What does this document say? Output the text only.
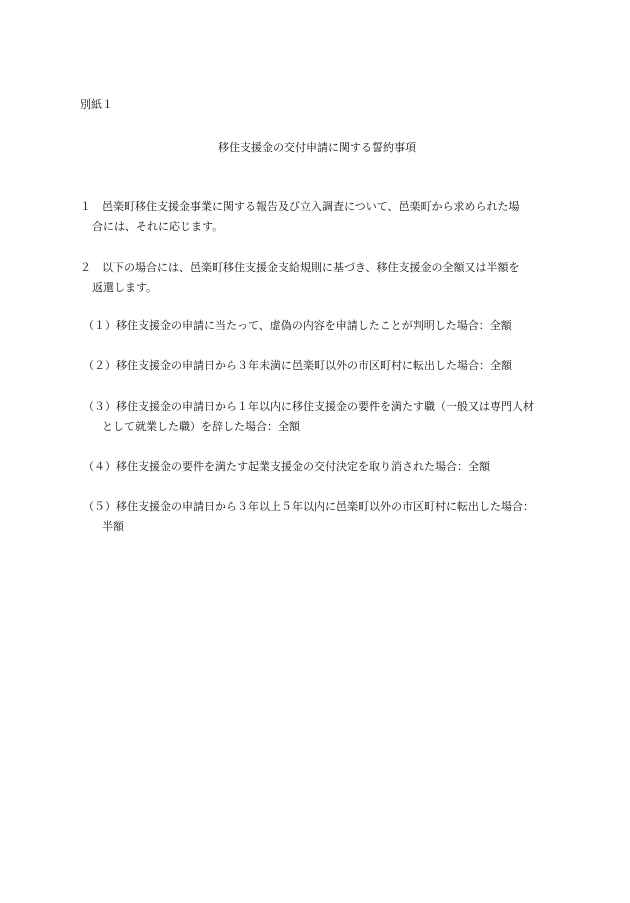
別紙１
移住支援金の交付申請に関する誓約事項
１ 邑楽町移住支援金事業に関する報告及び立入調査について、邑楽町から求められた場
合には、それに応じます。
２ 以下の場合には、邑楽町移住支援金支給規則に基づき、移住支援金の全額又は半額を
返還します。
（１）移住支援金の申請に当たって、虚偽の内容を申請したことが判明した場合：全額
（２）移住支援金の申請日から３年未満に邑楽町以外の市区町村に転出した場合：全額
（３）移住支援金の申請日から１年以内に移住支援金の要件を満たす職（一般又は専門人材
として就業した職）を辞した場合：全額
（４）移住支援金の要件を満たす起業支援金の交付決定を取り消された場合：全額
（５）移住支援金の申請日から３年以上５年以内に邑楽町以外の市区町村に転出した場合：
半額
